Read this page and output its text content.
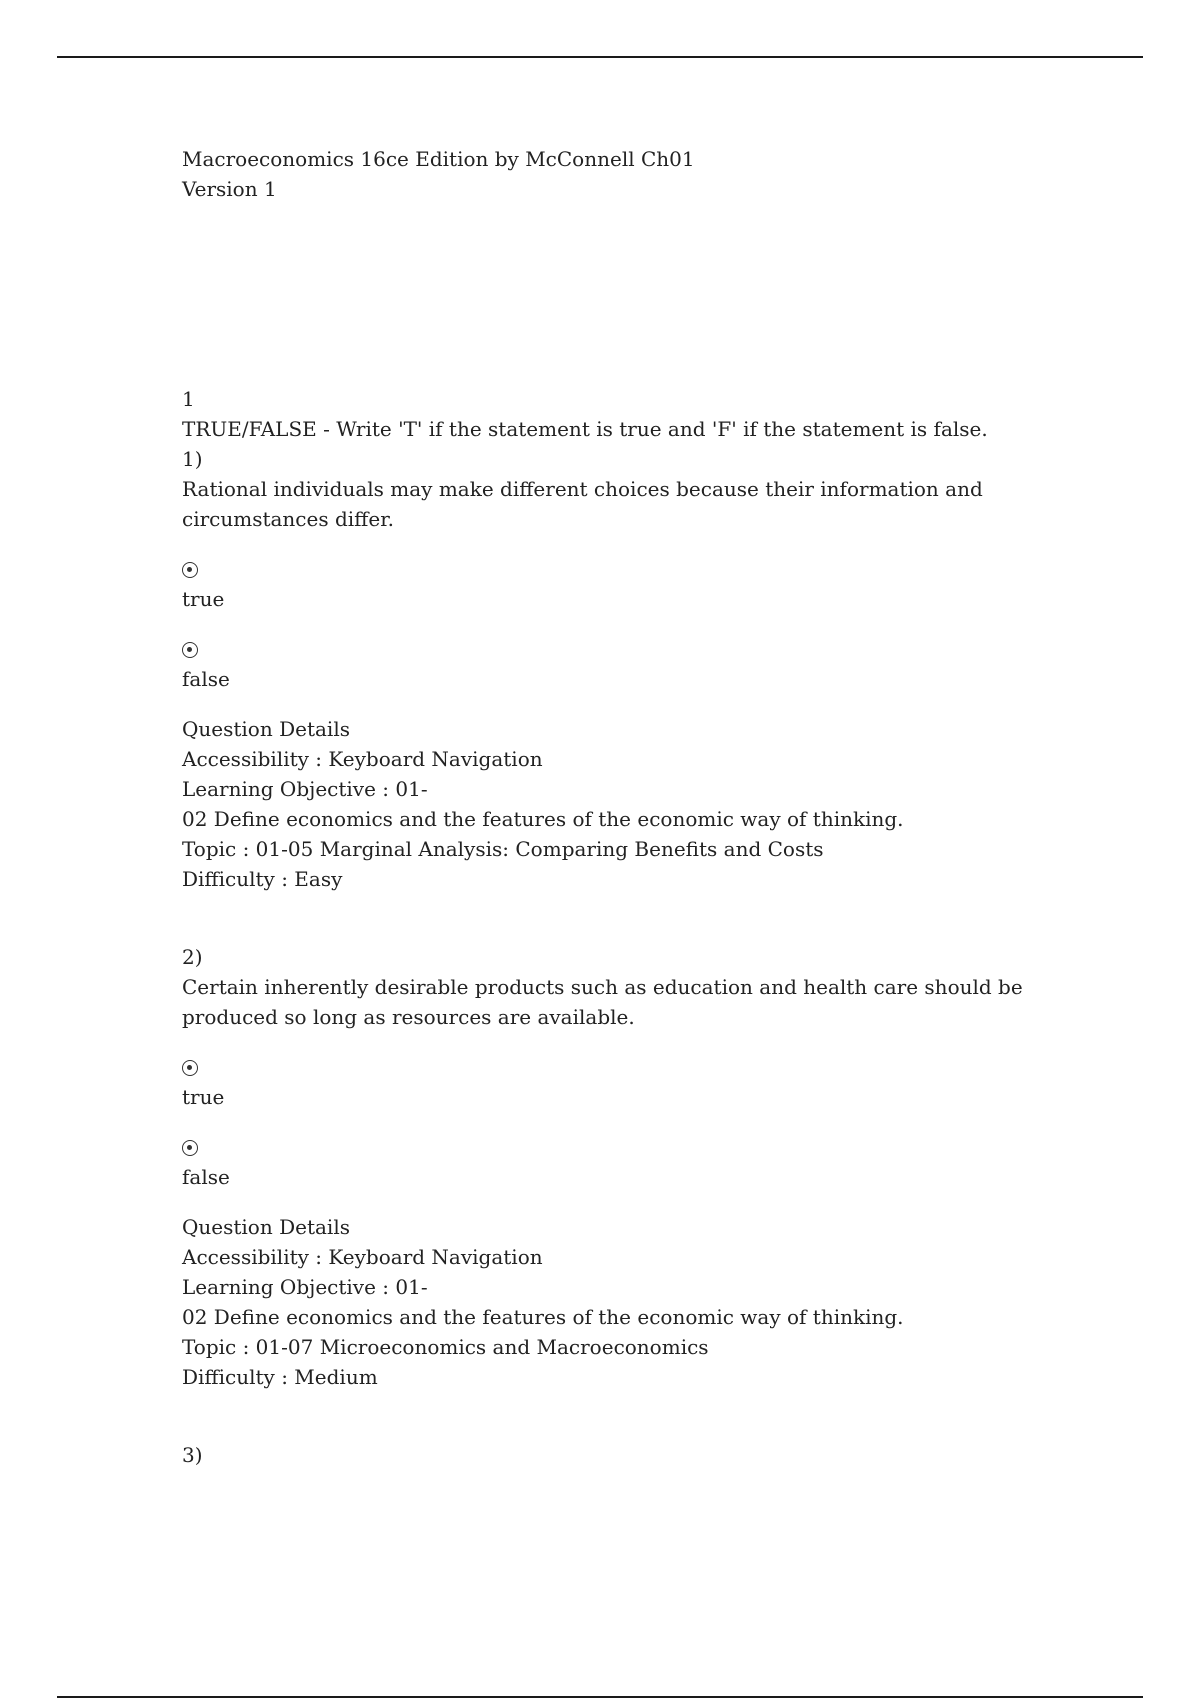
Macroeconomics 16ce Edition by McConnell Ch01
Version 1
1
TRUE/FALSE - Write 'T' if the statement is true and 'F' if the statement is false.
1)
Rational individuals may make different choices because their information and
circumstances differ.
true
false
Question Details
Accessibility : Keyboard Navigation
Learning Objective : 01-
02 Define economics and the features of the economic way of thinking.
Topic : 01-05 Marginal Analysis: Comparing Benefits and Costs
Difficulty : Easy
2)
Certain inherently desirable products such as education and health care should be
produced so long as resources are available.
true
false
Question Details
Accessibility : Keyboard Navigation
Learning Objective : 01-
02 Define economics and the features of the economic way of thinking.
Topic : 01-07 Microeconomics and Macroeconomics
Difficulty : Medium
3)
